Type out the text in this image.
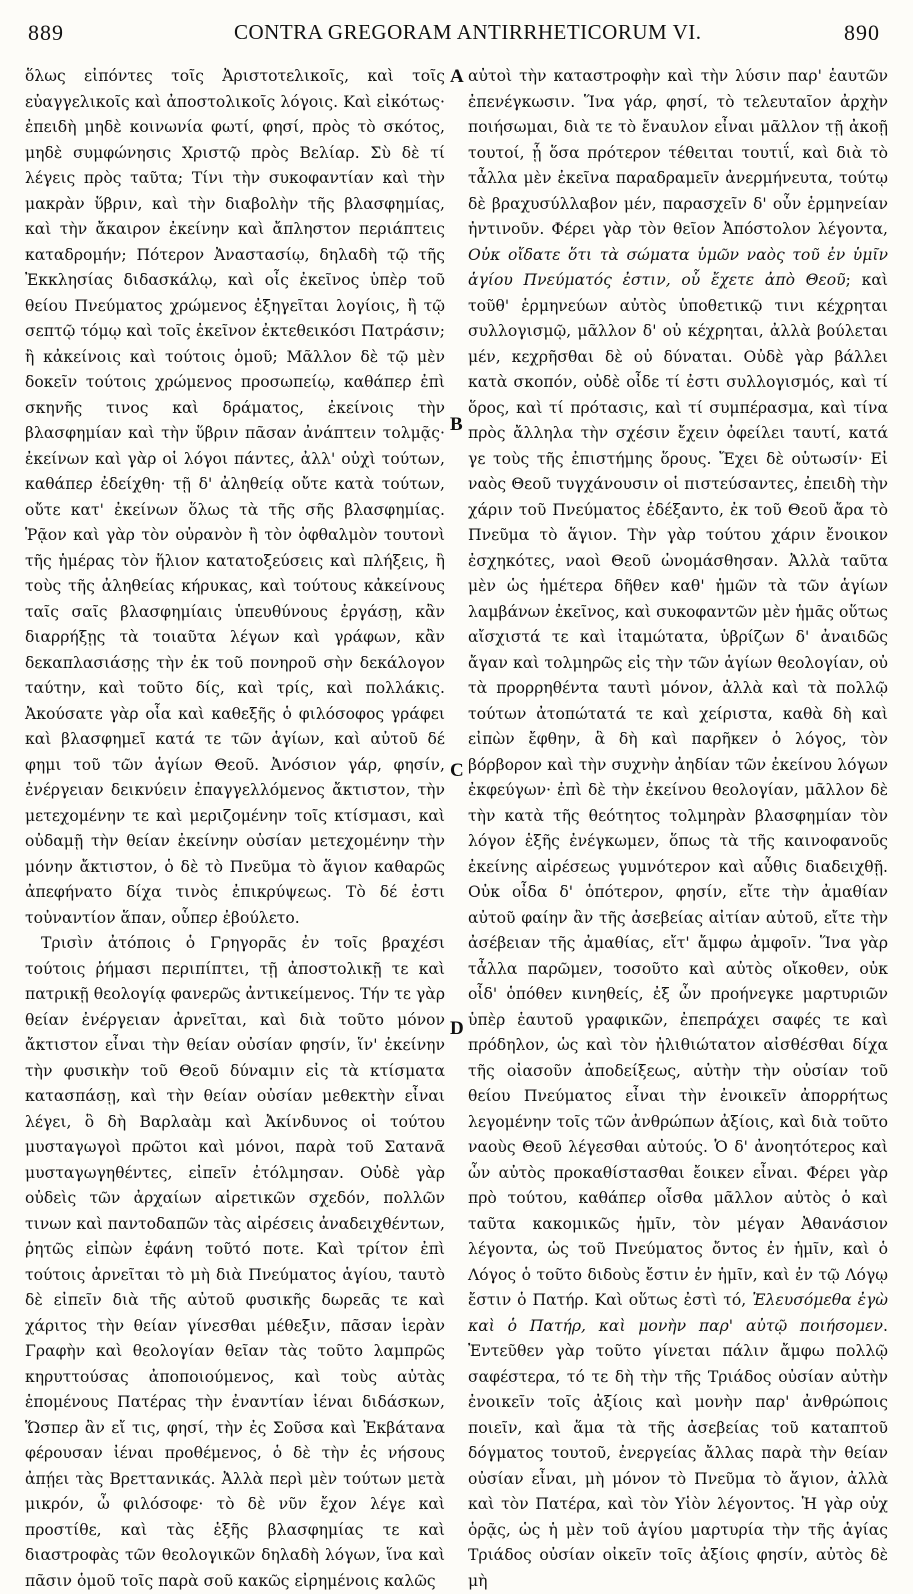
889	CONTRA GREGORAM ANTIRRHETICORUM VI.	890

ὅλως εἰπόντες τοῖς Ἀριστοτελικοῖς, καὶ τοῖς εὐαγγελικοῖς καὶ ἀποστολικοῖς λόγοις. Καὶ εἰκότως· ἐπειδὴ μηδὲ κοινωνία φωτί, φησί, πρὸς τὸ σκότος, μηδὲ συμφώνησις Χριστῷ πρὸς Βελίαρ. Σὺ δὲ τί λέγεις πρὸς ταῦτα; Τίνι τὴν συκοφαντίαν καὶ τὴν μακρὰν ὕβριν, καὶ τὴν διαβολὴν τῆς βλασφημίας, καὶ τὴν ἄκαιρον ἐκείνην καὶ ἄπληστον περιάπτεις καταδρομήν; Πότερον Ἀναστασίῳ, δηλαδὴ τῷ τῆς Ἐκκλησίας διδασκάλῳ, καὶ οἷς ἐκεῖνος ὑπὲρ τοῦ θείου Πνεύματος χρώμενος ἐξηγεῖται λογίοις, ἢ τῷ σεπτῷ τόμῳ καὶ τοῖς ἐκεῖνον ἐκτεθεικόσι Πατράσιν; ἢ κἀκείνοις καὶ τούτοις ὁμοῦ; Μᾶλλον δὲ τῷ μὲν δοκεῖν τούτοις χρώμενος προσωπείῳ, καθάπερ ἐπὶ σκηνῆς τινος καὶ δράματος, ἐκείνοις τὴν βλασφημίαν καὶ τὴν ὕβριν πᾶσαν ἀνάπτειν τολμᾷς· ἐκείνων καὶ γὰρ οἱ λόγοι πάντες, ἀλλ' οὐχὶ τούτων, καθάπερ ἐδείχθη· τῇ δ' ἀληθείᾳ οὔτε κατὰ τούτων, οὔτε κατ' ἐκείνων ὅλως τὰ τῆς σῆς βλασφημίας. Ῥᾷον καὶ γὰρ τὸν οὐρανὸν ἢ τὸν ὀφθαλμὸν τουτονὶ τῆς ἡμέρας τὸν ἥλιον κατατοξεύσεις καὶ πλήξεις, ἢ τοὺς τῆς ἀληθείας κήρυκας, καὶ τούτους κἀκείνους ταῖς σαῖς βλασφημίαις ὑπευθύνους ἐργάσῃ, κἂν διαρρήξῃς τὰ τοιαῦτα λέγων καὶ γράφων, κἂν δεκαπλασιάσῃς τὴν ἐκ τοῦ πονηροῦ σὴν δεκάλογον ταύτην, καὶ τοῦτο δίς, καὶ τρίς, καὶ πολλάκις. Ἀκούσατε γὰρ οἷα καὶ καθεξῆς ὁ φιλόσοφος γράφει καὶ βλασφημεῖ κατά τε τῶν ἁγίων, καὶ αὐτοῦ δέ φημι τοῦ τῶν ἁγίων Θεοῦ. Ἀνόσιον γάρ, φησίν, ἐνέργειαν δεικνύειν ἐπαγγελλόμενος ἄκτιστον, τὴν μετεχομένην τε καὶ μεριζομένην τοῖς κτίσμασι, καὶ οὐδαμῇ τὴν θείαν ἐκείνην οὐσίαν μετεχομένην τὴν μόνην ἄκτιστον, ὁ δὲ τὸ Πνεῦμα τὸ ἅγιον καθαρῶς ἀπεφήνατο δίχα τινὸς ἐπικρύψεως. Τὸ δέ ἐστι τοὐναντίον ἅπαν, οὗπερ ἐβούλετο.

Τρισὶν ἀτόποις ὁ Γρηγορᾶς ἐν τοῖς βραχέσι τούτοις ῥήμασι περιπίπτει, τῇ ἀποστολικῇ τε καὶ πατρικῇ θεολογίᾳ φανερῶς ἀντικείμενος. Τήν τε γὰρ θείαν ἐνέργειαν ἀρνεῖται, καὶ διὰ τοῦτο μόνον ἄκτιστον εἶναι τὴν θείαν οὐσίαν φησίν, ἵν' ἐκείνην τὴν φυσικὴν τοῦ Θεοῦ δύναμιν εἰς τὰ κτίσματα κατασπάσῃ, καὶ τὴν θείαν οὐσίαν μεθεκτὴν εἶναι λέγει, ὃ δὴ Βαρλαὰμ καὶ Ἀκίνδυνος οἱ τούτου μυσταγωγοὶ πρῶτοι καὶ μόνοι, παρὰ τοῦ Σατανᾶ μυσταγωγηθέντες, εἰπεῖν ἐτόλμησαν. Οὐδὲ γὰρ οὐδεὶς τῶν ἀρχαίων αἱρετικῶν σχεδόν, πολλῶν τινων καὶ παντοδαπῶν τὰς αἱρέσεις ἀναδειχθέντων, ῥητῶς εἰπὼν ἐφάνη τοῦτό ποτε. Καὶ τρίτον ἐπὶ τούτοις ἀρνεῖται τὸ μὴ διὰ Πνεύματος ἁγίου, ταυτὸ δὲ εἰπεῖν διὰ τῆς αὐτοῦ φυσικῆς δωρεᾶς τε καὶ χάριτος τὴν θείαν γίνεσθαι μέθεξιν, πᾶσαν ἱερὰν Γραφὴν καὶ θεολογίαν θεῖαν τὰς τοῦτο λαμπρῶς κηρυττούσας ἀποποιούμενος, καὶ τοὺς αὐτὰς ἑπομένους Πατέρας τὴν ἐναντίαν ἰέναι διδάσκων, Ὥσπερ ἂν εἴ τις, φησί, τὴν ἐς Σοῦσα καὶ Ἐκβάτανα φέρουσαν ἰέναι προθέμενος, ὁ δὲ τὴν ἐς νήσους ἀπῄει τὰς Βρεττανικάς. Ἀλλὰ περὶ μὲν τούτων μετὰ μικρόν, ὦ φιλόσοφε· τὸ δὲ νῦν ἔχον λέγε καὶ προστίθε, καὶ τὰς ἑξῆς βλασφημίας τε καὶ διαστροφὰς τῶν θεολογικῶν δηλαδὴ λόγων, ἵνα καὶ πᾶσιν ὁμοῦ τοῖς παρὰ σοῦ κακῶς εἰρημένοις καλῶς

αὐτοὶ τὴν καταστροφὴν καὶ τὴν λύσιν παρ' ἑαυτῶν ἐπενέγκωσιν. Ἵνα γάρ, φησί, τὸ τελευταῖον ἀρχὴν ποιήσωμαι, διὰ τε τὸ ἔναυλον εἶναι μᾶλλον τῇ ἀκοῇ τουτοί, ᾗ ὅσα πρότερον τέθειται τουτιΐ, καὶ διὰ τὸ τἆλλα μὲν ἐκεῖνα παραδραμεῖν ἀνερμήνευτα, τούτῳ δὲ βραχυσύλλαβον μέν, παρασχεῖν δ' οὖν ἑρμηνείαν ἠντινοῦν. Φέρει γὰρ τὸν θεῖον Ἀπόστολον λέγοντα, Οὐκ οἴδατε ὅτι τὰ σώματα ὑμῶν ναὸς τοῦ ἐν ὑμῖν ἁγίου Πνεύματός ἐστιν, οὗ ἔχετε ἀπὸ Θεοῦ; καὶ τοῦθ' ἑρμηνεύων αὐτὸς ὑποθετικῷ τινι κέχρηται συλλογισμῷ, μᾶλλον δ' οὐ κέχρηται, ἀλλὰ βούλεται μέν, κεχρῆσθαι δὲ οὐ δύναται. Οὐδὲ γὰρ βάλλει κατὰ σκοπόν, οὐδὲ οἶδε τί ἐστι συλλογισμός, καὶ τί ὅρος, καὶ τί πρότασις, καὶ τί συμπέρασμα, καὶ τίνα πρὸς ἄλληλα τὴν σχέσιν ἔχειν ὀφείλει ταυτί, κατά γε τοὺς τῆς ἐπιστήμης ὅρους. Ἔχει δὲ οὑτωσίν· Εἰ ναὸς Θεοῦ τυγχάνουσιν οἱ πιστεύσαντες, ἐπειδὴ τὴν χάριν τοῦ Πνεύματος ἐδέξαντο, ἐκ τοῦ Θεοῦ ἄρα τὸ Πνεῦμα τὸ ἅγιον. Τὴν γὰρ τούτου χάριν ἔνοικον ἐσχηκότες, ναοὶ Θεοῦ ὠνομάσθησαν. Ἀλλὰ ταῦτα μὲν ὡς ἡμέτερα δῆθεν καθ' ἡμῶν τὰ τῶν ἁγίων λαμβάνων ἐκεῖνος, καὶ συκοφαντῶν μὲν ἡμᾶς οὕτως αἴσχιστά τε καὶ ἰταμώτατα, ὑβρίζων δ' ἀναιδῶς ἄγαν καὶ τολμηρῶς εἰς τὴν τῶν ἁγίων θεολογίαν, οὐ τὰ προρρηθέντα ταυτὶ μόνον, ἀλλὰ καὶ τὰ πολλῷ τούτων ἀτοπώτατά τε καὶ χείριστα, καθὰ δὴ καὶ εἰπὼν ἔφθην, ἃ δὴ καὶ παρῆκεν ὁ λόγος, τὸν βόρβορον καὶ τὴν συχνὴν ἀηδίαν τῶν ἐκείνου λόγων ἐκφεύγων· ἐπὶ δὲ τὴν ἐκείνου θεολογίαν, μᾶλλον δὲ τὴν κατὰ τῆς θεότητος τολμηρὰν βλασφημίαν τὸν λόγον ἑξῆς ἐνέγκωμεν, ὅπως τὰ τῆς καινοφανοῦς ἐκείνης αἱρέσεως γυμνότερον καὶ αὖθις διαδειχθῇ. Οὐκ οἶδα δ' ὁπότερον, φησίν, εἴτε τὴν ἀμαθίαν αὐτοῦ φαίην ἂν τῆς ἀσεβείας αἰτίαν αὐτοῦ, εἴτε τὴν ἀσέβειαν τῆς ἀμαθίας, εἴτ' ἄμφω ἀμφοῖν. Ἵνα γὰρ τἆλλα παρῶμεν, τοσοῦτο καὶ αὐτὸς οἴκοθεν, οὐκ οἶδ' ὁπόθεν κινηθείς, ἐξ ὧν προήνεγκε μαρτυριῶν ὑπὲρ ἑαυτοῦ γραφικῶν, ἐπεπράχει σαφές τε καὶ πρόδηλον, ὡς καὶ τὸν ἠλιθιώτατον αἰσθέσθαι δίχα τῆς οἰασοῦν ἀποδείξεως, αὐτὴν τὴν οὐσίαν τοῦ θείου Πνεύματος εἶναι τὴν ἐνοικεῖν ἀπορρήτως λεγομένην τοῖς τῶν ἀνθρώπων ἀξίοις, καὶ διὰ τοῦτο ναοὺς Θεοῦ λέγεσθαι αὐτούς. Ὁ δ' ἀνοητότερος καὶ ὧν αὐτὸς προκαθίστασθαι ἔοικεν εἶναι. Φέρει γὰρ πρὸ τούτου, καθάπερ οἶσθα μᾶλλον αὐτὸς ὁ καὶ ταῦτα κακομικῶς ἡμῖν, τὸν μέγαν Ἀθανάσιον λέγοντα, ὡς τοῦ Πνεύματος ὄντος ἐν ἡμῖν, καὶ ὁ Λόγος ὁ τοῦτο διδοὺς ἔστιν ἐν ἡμῖν, καὶ ἐν τῷ Λόγῳ ἔστιν ὁ Πατήρ. Καὶ οὕτως ἐστὶ τό, Ἐλευσόμεθα ἐγὼ καὶ ὁ Πατήρ, καὶ μονὴν παρ' αὐτῷ ποιήσομεν. Ἐντεῦθεν γὰρ τοῦτο γίνεται πάλιν ἄμφω πολλῷ σαφέστερα, τό τε δὴ τὴν τῆς Τριάδος οὐσίαν αὐτὴν ἐνοικεῖν τοῖς ἀξίοις καὶ μονὴν παρ' ἀνθρώποις ποιεῖν, καὶ ἅμα τὰ τῆς ἀσεβείας τοῦ καταπτοῦ δόγματος τουτοῦ, ἐνεργείας ἄλλας παρὰ τὴν θείαν οὐσίαν εἶναι, μὴ μόνον τὸ Πνεῦμα τὸ ἅγιον, ἀλλὰ καὶ τὸν Πατέρα, καὶ τὸν Υἱὸν λέγοντος. Ἡ γὰρ οὐχ ὁρᾷς, ὡς ἡ μὲν τοῦ ἁγίου μαρτυρία τὴν τῆς ἁγίας Τριάδος οὐσίαν οἰκεῖν τοῖς ἀξίοις φησίν, αὐτὸς δὲ μὴ

A
B
C
D
